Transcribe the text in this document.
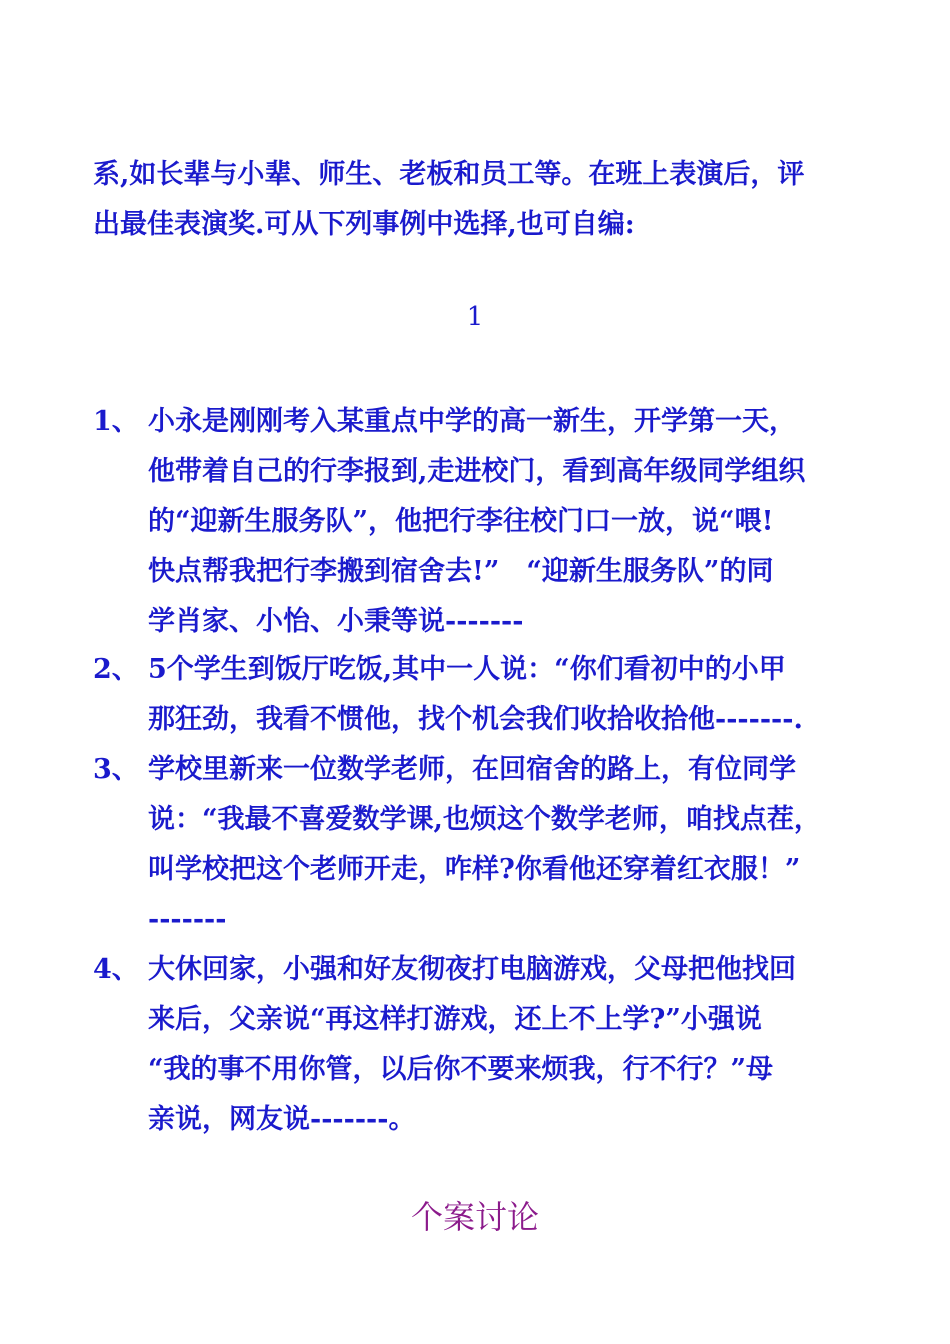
系,如长辈与小辈、师生、老板和员工等。在班上表演后，评

出最佳表演奖.可从下列事例中选择,也可自编:

1
1、 小永是刚刚考入某重点中学的高一新生，开学第一天，

他带着自己的行李报到,走进校门，看到高年级同学组织

的“迎新生服务队”，他把行李往校门口一放，说“喂!

快点帮我把行李搬到宿舍去!”　“迎新生服务队”的同

学肖家、小怡、小秉等说-------

2、 5个学生到饭厅吃饭,其中一人说：“你们看初中的小甲

那狂劲，我看不惯他，找个机会我们收拾收拾他-------.

3、 学校里新来一位数学老师，在回宿舍的路上，有位同学

说：“我最不喜爱数学课,也烦这个数学老师，咱找点茬，

叫学校把这个老师开走，咋样?你看他还穿着红衣服！”

-------

4、 大休回家，小强和好友彻夜打电脑游戏，父母把他找回

来后，父亲说“再这样打游戏，还上不上学?”小强说

“我的事不用你管，以后你不要来烦我，行不行？”母

亲说，网友说-------。

个案讨论
